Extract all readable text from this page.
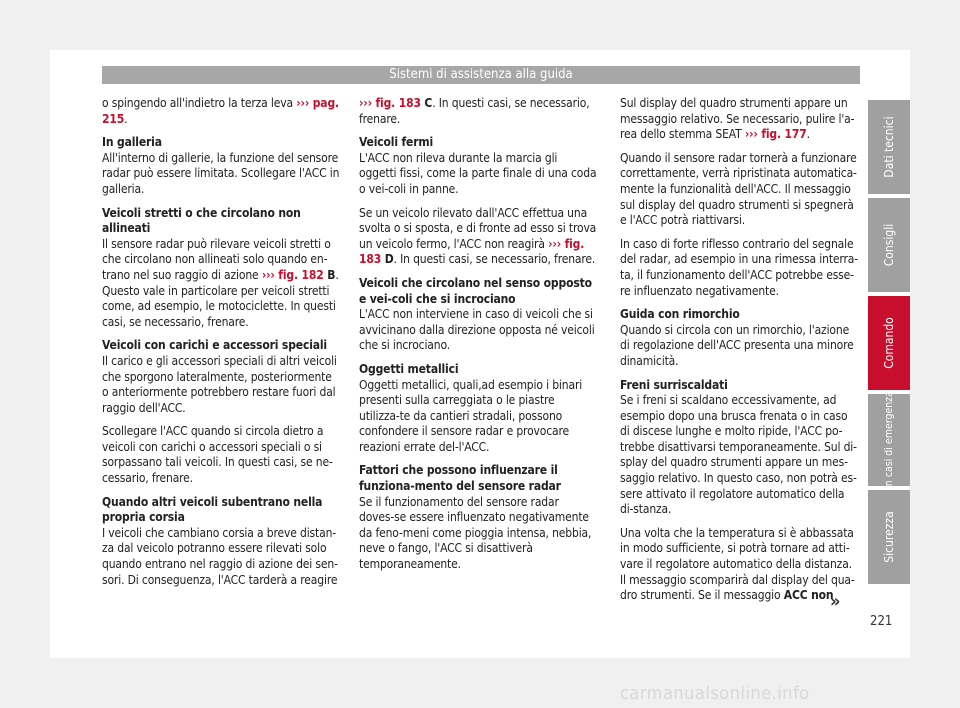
Sistemi di assistenza alla guida

o spingendo all'indietro la terza leva ››› pag. 215.

In galleria

All'interno di gallerie, la funzione del sensore radar può essere limitata. Scollegare l'ACC in galleria.

Veicoli stretti o che circolano non allineati

Il sensore radar può rilevare veicoli stretti o che circolano non allineati solo quando en-trano nel suo raggio di azione ››› fig. 182 B. Questo vale in particolare per veicoli stretti come, ad esempio, le motociclette. In questi casi, se necessario, frenare.

Veicoli con carichi e accessori speciali

Il carico e gli accessori speciali di altri veicoli che sporgono lateralmente, posteriormente o anteriormente potrebbero restare fuori dal raggio dell'ACC.

Scollegare l'ACC quando si circola dietro a veicoli con carichi o accessori speciali o si sorpassano tali veicoli. In questi casi, se ne-cessario, frenare.

Quando altri veicoli subentrano nella propria corsia

I veicoli che cambiano corsia a breve distan-za dal veicolo potranno essere rilevati solo quando entrano nel raggio di azione dei sen-sori. Di conseguenza, l'ACC tarderà a reagire

››› fig. 183 C. In questi casi, se necessario, frenare.

Veicoli fermi

L'ACC non rileva durante la marcia gli oggetti fissi, come la parte finale di una coda o vei-coli in panne.

Se un veicolo rilevato dall'ACC effettua una svolta o si sposta, e di fronte ad esso si trova un veicolo fermo, l'ACC non reagirà ››› fig. 183 D. In questi casi, se necessario, frenare.

Veicoli che circolano nel senso opposto e vei-coli che si incrociano

L'ACC non interviene in caso di veicoli che si avvicinano dalla direzione opposta né veicoli che si incrociano.

Oggetti metallici

Oggetti metallici, quali,ad esempio i binari presenti sulla carreggiata o le piastre utilizza-te da cantieri stradali, possono confondere il sensore radar e provocare reazioni errate del-l'ACC.

Fattori che possono influenzare il funziona-mento del sensore radar

Se il funzionamento del sensore radar doves-se essere influenzato negativamente da feno-meni come pioggia intensa, nebbia, neve o fango, l'ACC si disattiverà temporaneamente.

Sul display del quadro strumenti appare un messaggio relativo. Se necessario, pulire l'a-rea dello stemma SEAT ››› fig. 177.

Quando il sensore radar tornerà a funzionare correttamente, verrà ripristinata automatica-mente la funzionalità dell'ACC. Il messaggio sul display del quadro strumenti si spegnerà e l'ACC potrà riattivarsi.

In caso di forte riflesso contrario del segnale del radar, ad esempio in una rimessa interra-ta, il funzionamento dell'ACC potrebbe esse-re influenzato negativamente.

Guida con rimorchio

Quando si circola con un rimorchio, l'azione di regolazione dell'ACC presenta una minore dinamicità.

Freni surriscaldati

Se i freni si scaldano eccessivamente, ad esempio dopo una brusca frenata o in caso di discese lunghe e molto ripide, l'ACC po-trebbe disattivarsi temporaneamente. Sul di-splay del quadro strumenti appare un mes-saggio relativo. In questo caso, non potrà es-sere attivato il regolatore automatico della di-stanza.

Una volta che la temperatura si è abbassata in modo sufficiente, si potrà tornare ad atti-vare il regolatore automatico della distanza. Il messaggio scomparirà dal display del qua-dro strumenti. Se il messaggio ACC non

Dati tecnici
Consigli
Comando
In casi di emergenza
Sicurezza
»
221
carmanualsonline.info
